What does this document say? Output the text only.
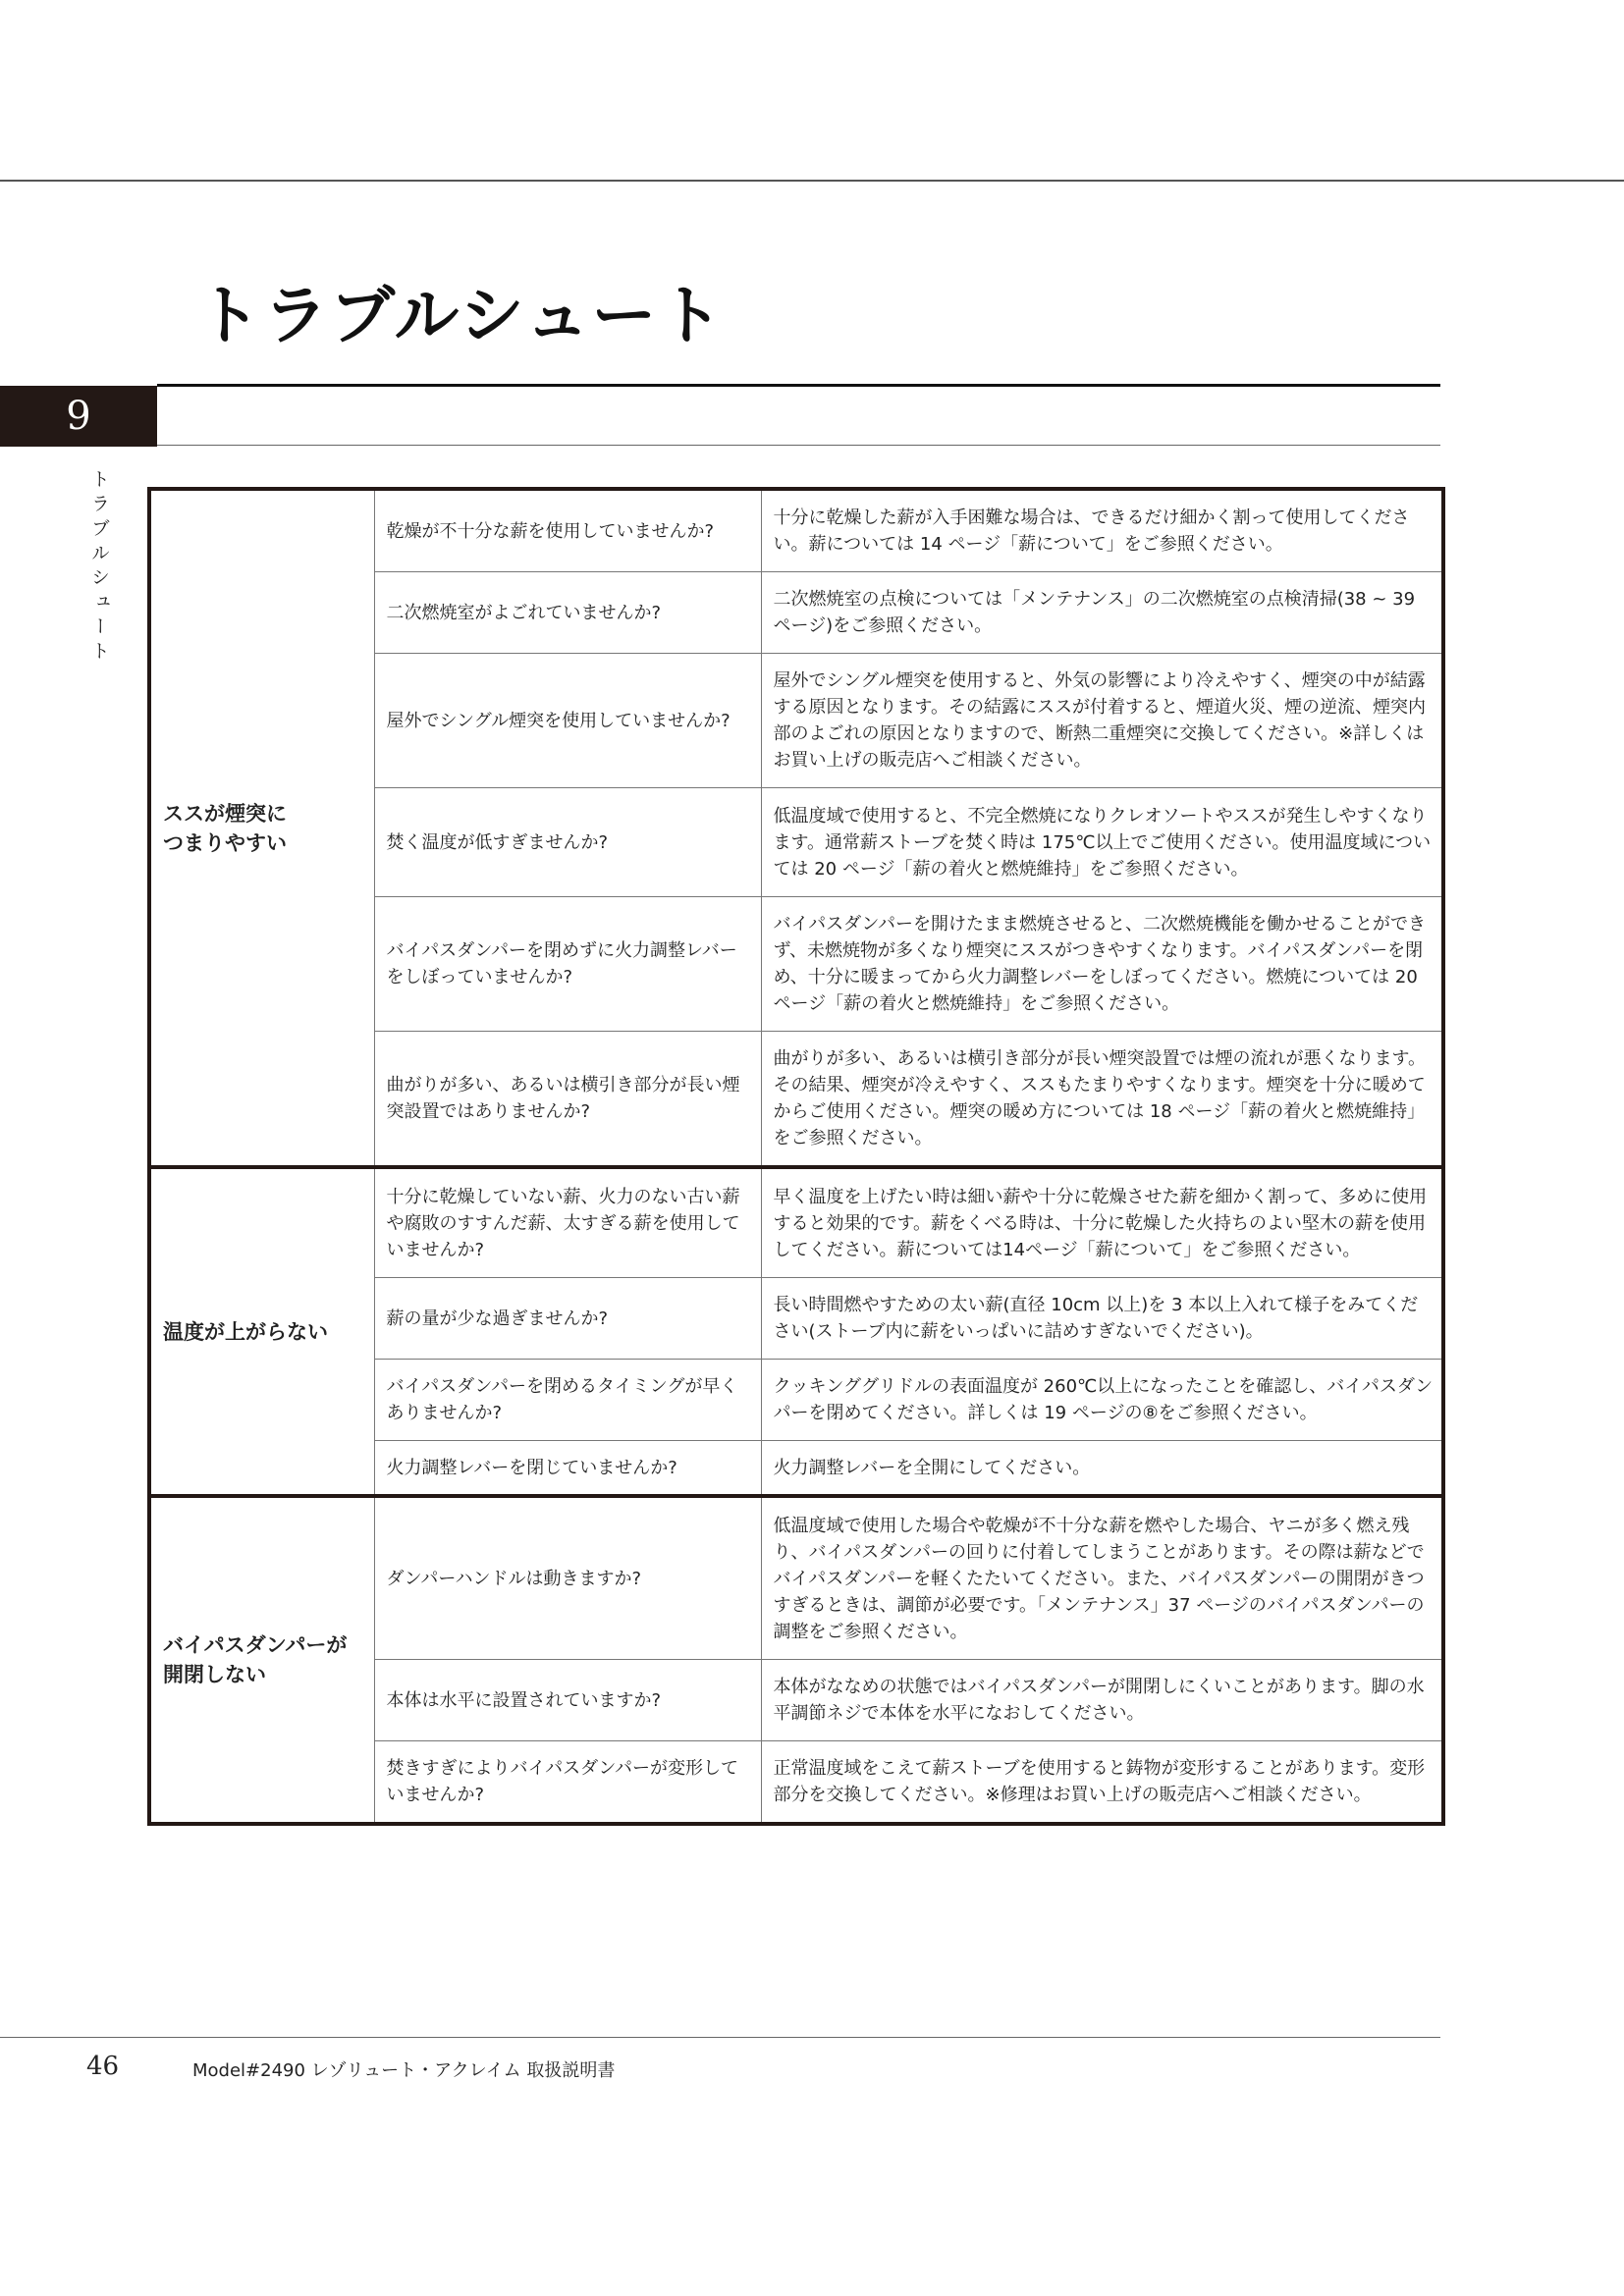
トラブルシュート
9
トラブルシュート
ススが煙突につまりやすい	乾燥が不十分な薪を使用していませんか?	十分に乾燥した薪が入手困難な場合は、できるだけ細かく割って使用してください。薪については 14 ページ「薪について」をご参照ください。
	二次燃焼室がよごれていませんか?	二次燃焼室の点検については「メンテナンス」の二次燃焼室の点検清掃(38 ~ 39 ページ)をご参照ください。
	屋外でシングル煙突を使用していませんか?	屋外でシングル煙突を使用すると、外気の影響により冷えやすく、煙突の中が結露する原因となります。その結露にススが付着すると、煙道火災、煙の逆流、煙突内部のよごれの原因となりますので、断熱二重煙突に交換してください。※詳しくはお買い上げの販売店へご相談ください。
	焚く温度が低すぎませんか?	低温度域で使用すると、不完全燃焼になりクレオソートやススが発生しやすくなります。通常薪ストーブを焚く時は 175℃以上でご使用ください。使用温度域については 20 ページ「薪の着火と燃焼維持」をご参照ください。
	バイパスダンパーを閉めずに火力調整レバーをしぼっていませんか?	バイパスダンパーを開けたまま燃焼させると、二次燃焼機能を働かせることができず、未燃焼物が多くなり煙突にススがつきやすくなります。バイパスダンパーを閉め、十分に暖まってから火力調整レバーをしぼってください。燃焼については 20 ページ「薪の着火と燃焼維持」をご参照ください。
	曲がりが多い、あるいは横引き部分が長い煙突設置ではありませんか?	曲がりが多い、あるいは横引き部分が長い煙突設置では煙の流れが悪くなります。その結果、煙突が冷えやすく、ススもたまりやすくなります。煙突を十分に暖めてからご使用ください。煙突の暖め方については 18 ページ「薪の着火と燃焼維持」をご参照ください。
温度が上がらない	十分に乾燥していない薪、火力のない古い薪や腐敗のすすんだ薪、太すぎる薪を使用していませんか?	早く温度を上げたい時は細い薪や十分に乾燥させた薪を細かく割って、多めに使用すると効果的です。薪をくべる時は、十分に乾燥した火持ちのよい堅木の薪を使用してください。薪については14ページ「薪について」をご参照ください。
	薪の量が少な過ぎませんか?	長い時間燃やすための太い薪(直径 10cm 以上)を 3 本以上入れて様子をみてください(ストーブ内に薪をいっぱいに詰めすぎないでください)。
	バイパスダンパーを閉めるタイミングが早くありませんか?	クッキンググリドルの表面温度が 260℃以上になったことを確認し、バイパスダンパーを閉めてください。詳しくは 19 ページの⑧をご参照ください。
	火力調整レバーを閉じていませんか?	火力調整レバーを全開にしてください。
バイパスダンパーが開閉しない	ダンパーハンドルは動きますか?	低温度域で使用した場合や乾燥が不十分な薪を燃やした場合、ヤニが多く燃え残り、バイパスダンパーの回りに付着してしまうことがあります。その際は薪などでバイパスダンパーを軽くたたいてください。また、バイパスダンパーの開閉がきつすぎるときは、調節が必要です。「メンテナンス」37 ページのバイパスダンパーの調整をご参照ください。
	本体は水平に設置されていますか?	本体がななめの状態ではバイパスダンパーが開閉しにくいことがあります。脚の水平調節ネジで本体を水平になおしてください。
	焚きすぎによりバイパスダンパーが変形していませんか?	正常温度域をこえて薪ストーブを使用すると鋳物が変形することがあります。変形部分を交換してください。※修理はお買い上げの販売店へご相談ください。
46	Model#2490 レゾリュート・アクレイム 取扱説明書
